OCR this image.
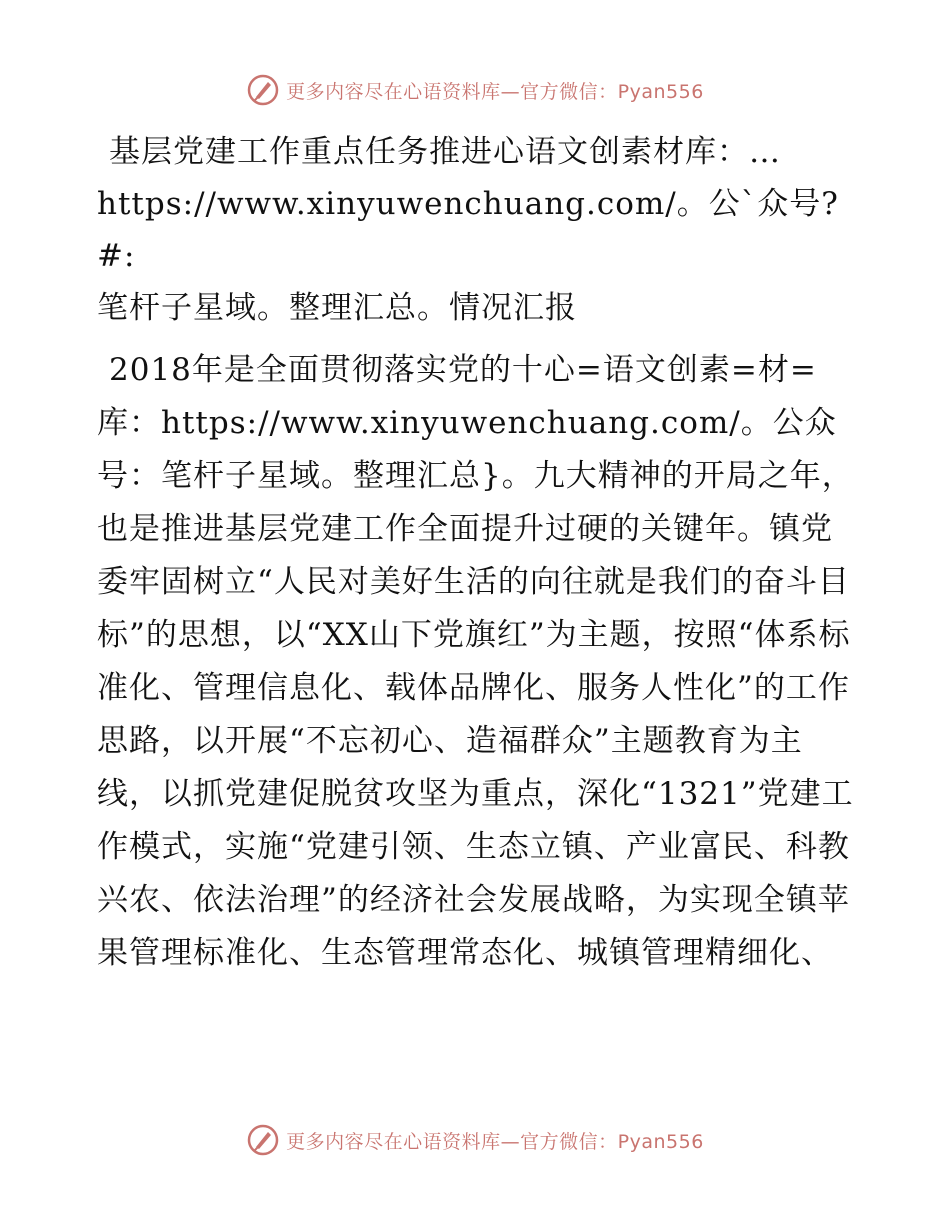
更多内容尽在心语资料库—官方微信：Pyan556
基层党建工作重点任务推进心语文创素材库：…
https://www.xinyuwenchuang.com/。公`众号?#:
笔杆子星域。整理汇总。情况汇报

2018年是全面贯彻落实党的十心=语文创素=材=库：https://www.xinyuwenchuang.com/。公众号：笔杆子星域。整理汇总}。九大精神的开局之年，也是推进基层党建工作全面提升过硬的关键年。镇党委牢固树立“人民对美好生活的向往就是我们的奋斗目标”的思想，以“XX山下党旗红”为主题，按照“体系标准化、管理信息化、载体品牌化、服务人性化”的工作思路，以开展“不忘初心、造福群众”主题教育为主线，以抓党建促脱贫攻坚为重点，深化“1321”党建工作模式，实施“党建引领、生态立镇、产业富民、科教兴农、依法治理”的经济社会发展战略，为实现全镇苹果管理标准化、生态管理常态化、城镇管理精细化、

更多内容尽在心语资料库—官方微信：Pyan556
